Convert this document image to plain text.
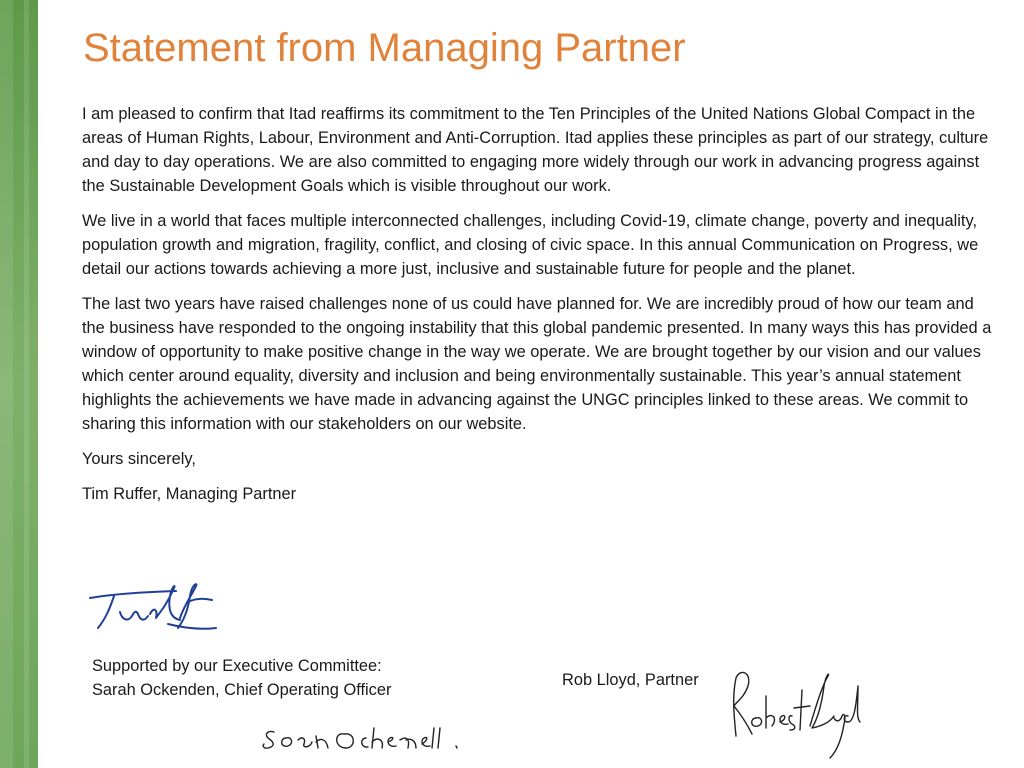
Statement from Managing Partner

I am pleased to confirm that Itad reaffirms its commitment to the Ten Principles of the United Nations Global Compact in the areas of Human Rights, Labour, Environment and Anti-Corruption. Itad applies these principles as part of our strategy, culture and day to day operations. We are also committed to engaging more widely through our work in advancing progress against the Sustainable Development Goals which is visible throughout our work.

We live in a world that faces multiple interconnected challenges, including Covid-19, climate change, poverty and inequality, population growth and migration, fragility, conflict, and closing of civic space. In this annual Communication on Progress, we detail our actions towards achieving a more just, inclusive and sustainable future for people and the planet.

The last two years have raised challenges none of us could have planned for. We are incredibly proud of how our team and the business have responded to the ongoing instability that this global pandemic presented. In many ways this has provided a window of opportunity to make positive change in the way we operate. We are brought together by our vision and our values which center around equality, diversity and inclusion and being environmentally sustainable. This year’s annual statement highlights the achievements we have made in advancing against the UNGC principles linked to these areas. We commit to sharing this information with our stakeholders on our website.

Yours sincerely,

Tim Ruffer, Managing Partner

Supported by our Executive Committee:
Sarah Ockenden, Chief Operating Officer
Rob Lloyd, Partner
